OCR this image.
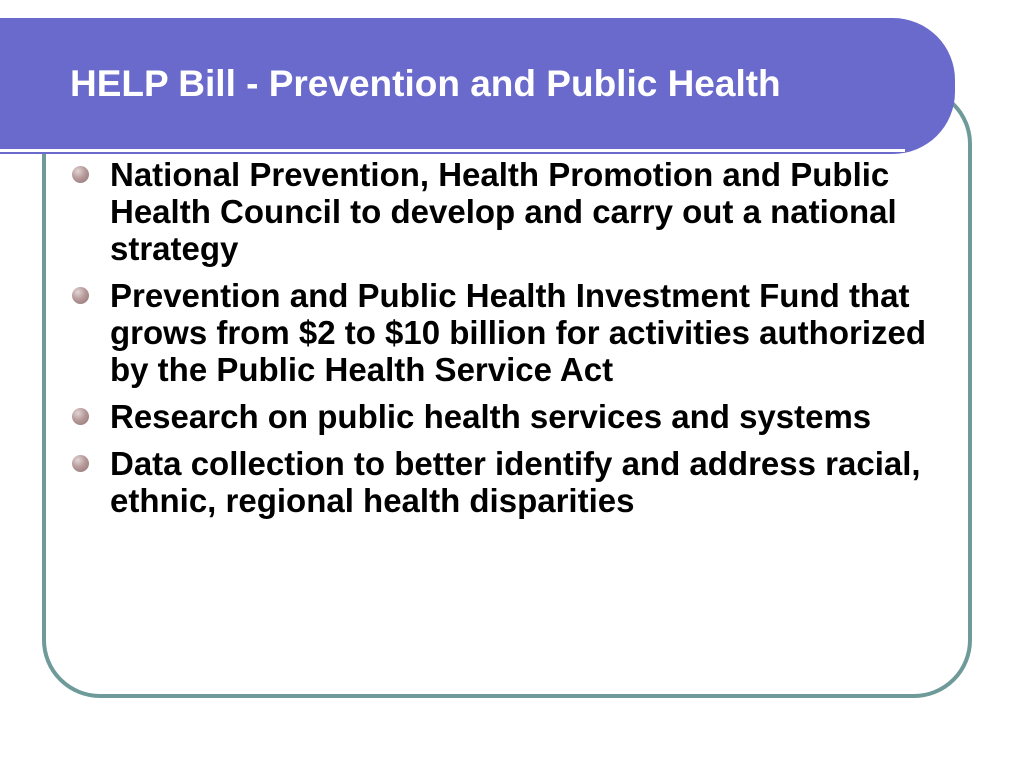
HELP Bill - Prevention and Public Health
National Prevention, Health Promotion and Public Health Council to develop and carry out a national strategy
Prevention and Public Health Investment Fund that grows from $2 to $10 billion for activities authorized by the Public Health Service Act
Research on public health services and systems
Data collection to better identify and address racial, ethnic, regional health disparities
